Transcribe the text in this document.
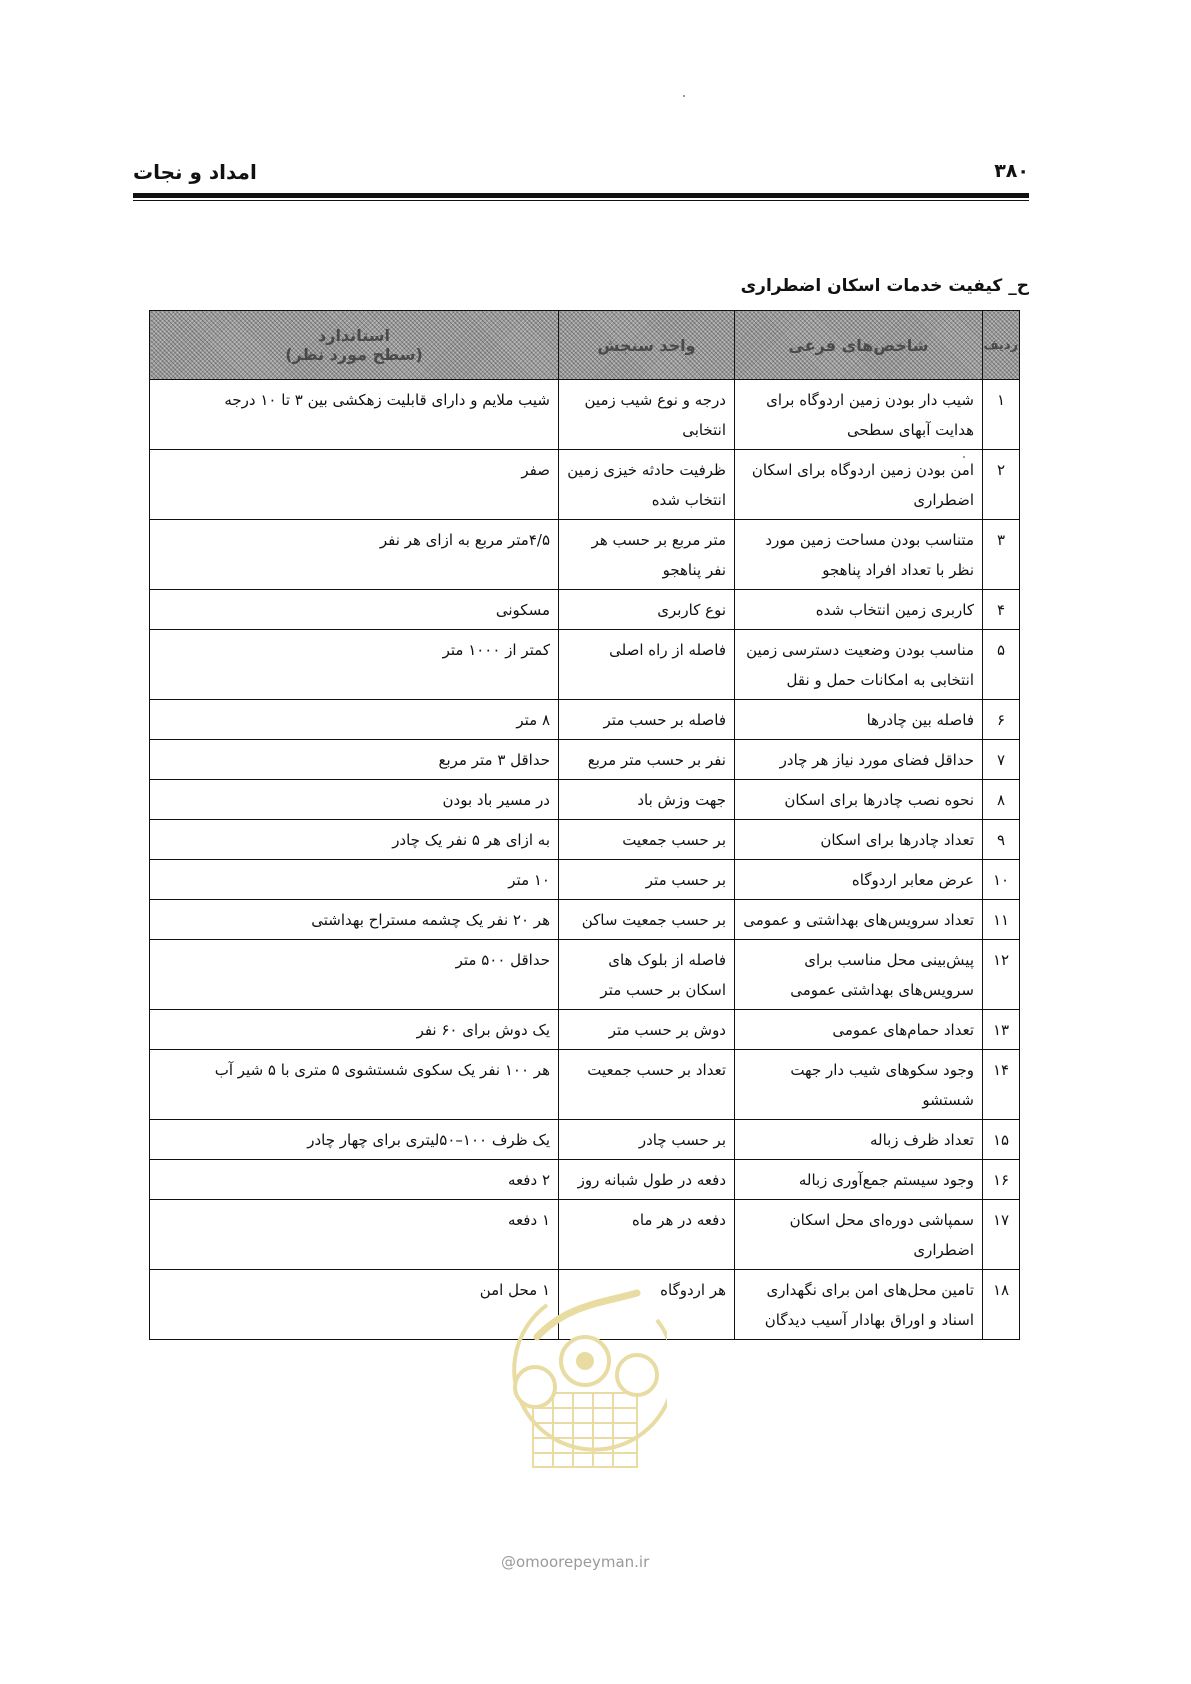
۳۸۰
امداد و نجات
ح_ کیفیت خدمات اسکان اضطراری
ردیف	شاخص‌های فرعی	واحد سنجش	استاندارد
(سطح مورد نظر)

۱	شیب دار بودن زمین اردوگاه برای هدایت آبهای سطحی	درجه و نوع شیب زمین انتخابی	شیب ملایم و دارای قابلیت زهکشی بین ۳ تا ۱۰ درجه
۲	امن بودن زمین اردوگاه برای اسکان اضطراری	ظرفیت حادثه خیزی زمین انتخاب شده	صفر
۳	متناسب بودن مساحت زمین مورد نظر با تعداد افراد پناهجو	متر مربع بر حسب هر نفر پناهجو	۴/۵متر مربع به ازای هر نفر
۴	کاربری زمین انتخاب شده	نوع کاربری	مسکونی
۵	مناسب بودن وضعیت دسترسی زمین انتخابی به امکانات حمل و نقل	فاصله از راه اصلی	کمتر از ۱۰۰۰ متر
۶	فاصله بین چادرها	فاصله بر حسب متر	۸ متر
۷	حداقل فضای مورد نیاز هر چادر	نفر بر حسب متر مربع	حداقل ۳ متر مربع
۸	نحوه نصب چادرها برای اسکان	جهت وزش باد	در مسیر باد بودن
۹	تعداد چادرها برای اسکان	بر حسب جمعیت	به ازای هر ۵ نفر یک چادر
۱۰	عرض معابر اردوگاه	بر حسب متر	۱۰ متر
۱۱	تعداد سرویس‌های بهداشتی و عمومی	بر حسب جمعیت ساکن	هر ۲۰ نفر یک چشمه مستراح بهداشتی
۱۲	پیش‌بینی محل مناسب برای سرویس‌های بهداشتی عمومی	فاصله از بلوک های اسکان بر حسب متر	حداقل ۵۰۰ متر
۱۳	تعداد حمام‌های عمومی	دوش بر حسب متر	یک دوش برای ۶۰ نفر
۱۴	وجود سکوهای شیب دار جهت شستشو	تعداد بر حسب جمعیت	هر ۱۰۰ نفر یک سکوی شستشوی ۵ متری با ۵ شیر آب
۱۵	تعداد ظرف زباله	بر حسب چادر	یک ظرف ۱۰۰–۵۰لیتری برای چهار چادر
۱۶	وجود سیستم جمع‌آوری زباله	دفعه در طول شبانه روز	۲ دفعه
۱۷	سمپاشی دوره‌ای محل اسکان اضطراری	دفعه در هر ماه	۱ دفعه
۱۸	تامین محل‌های امن برای نگهداری اسناد و اوراق بهادار آسیب دیدگان	هر اردوگاه	۱ محل امن
@omoorepeyman.ir
